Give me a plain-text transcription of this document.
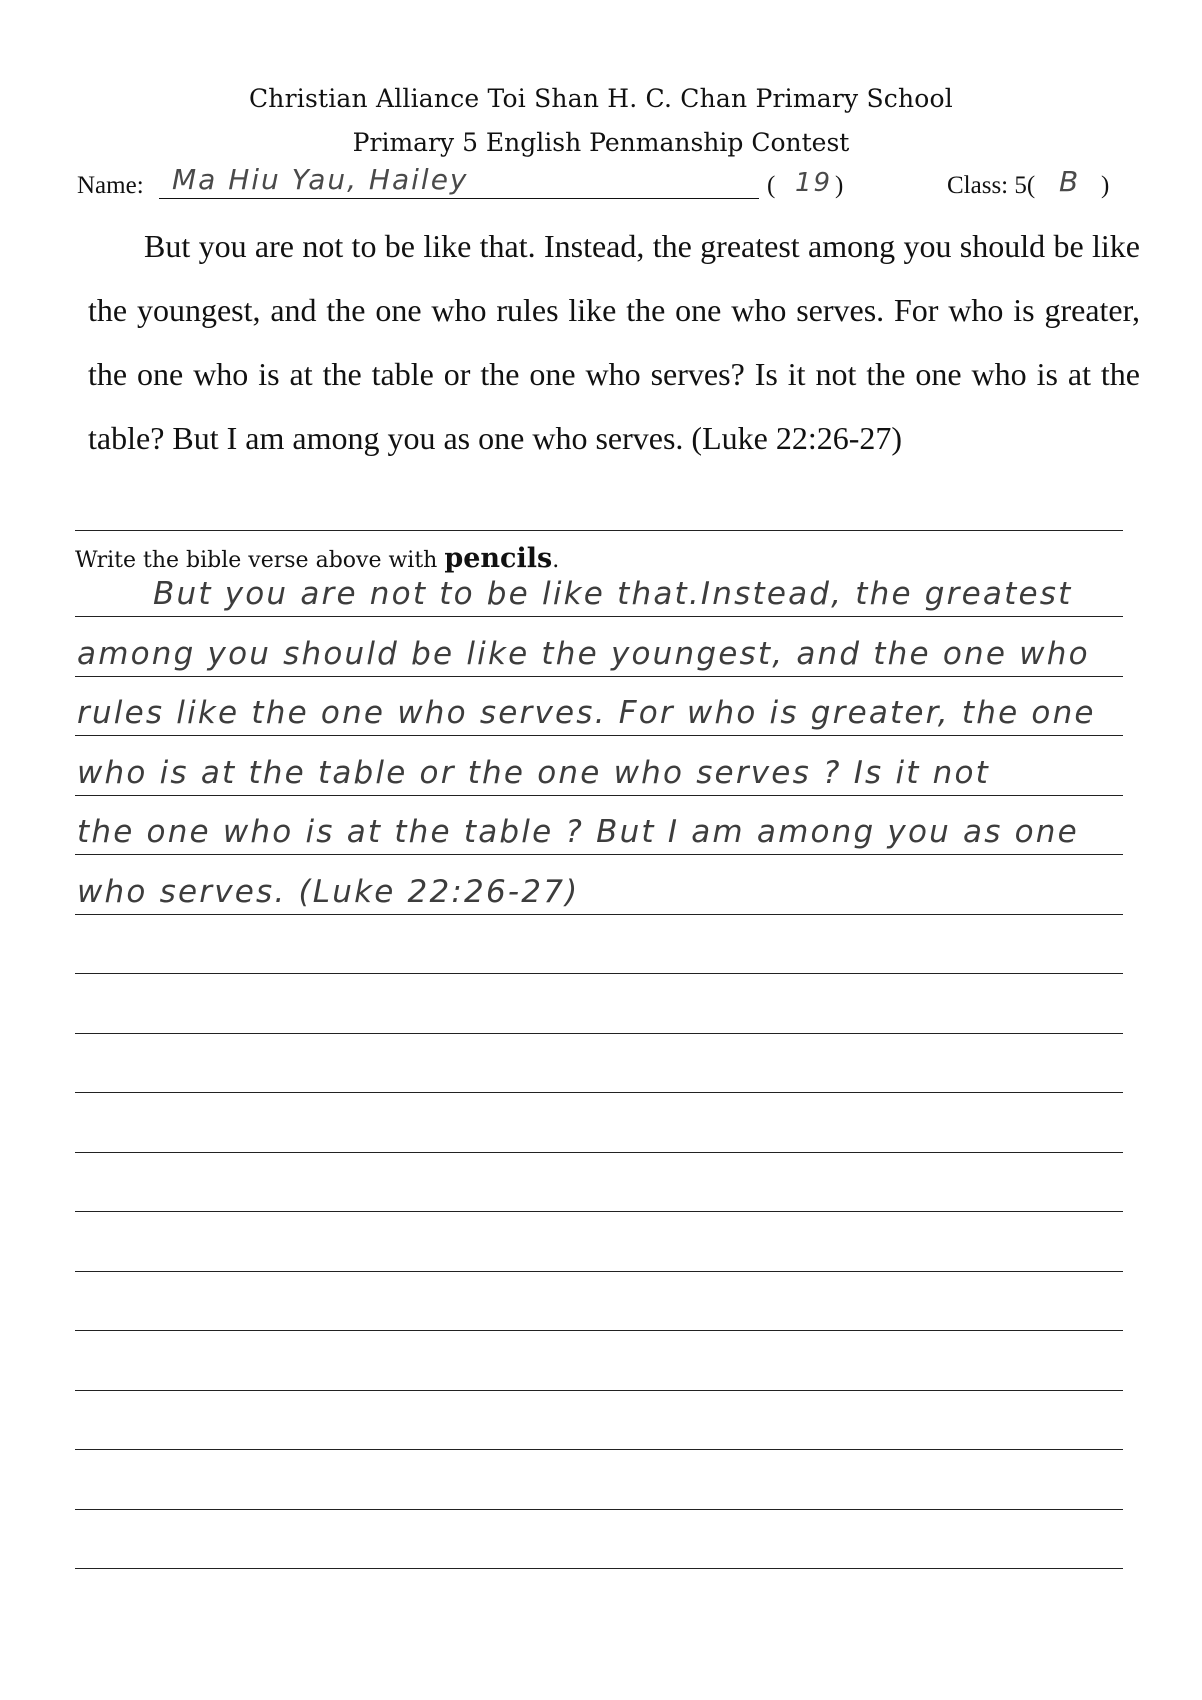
Christian Alliance Toi Shan H. C. Chan Primary School
Primary 5 English Penmanship Contest
Name: Ma Hiu Yau, Hailey	( 19 )	Class: 5( B )
But you are not to be like that. Instead, the greatest among you should be like the youngest, and the one who rules like the one who serves. For who is greater, the one who is at the table or the one who serves? Is it not the one who is at the table? But I am among you as one who serves. (Luke 22:26-27)
Write the bible verse above with pencils.
But you are not to be like that.Instead, the greatest
among you should be like the youngest, and the one who
rules like the one who serves. For who is greater, the one
who is at the table or the one who serves ? Is it not
the one who is at the table ? But I am among you as one
who serves. (Luke 22:26-27)
